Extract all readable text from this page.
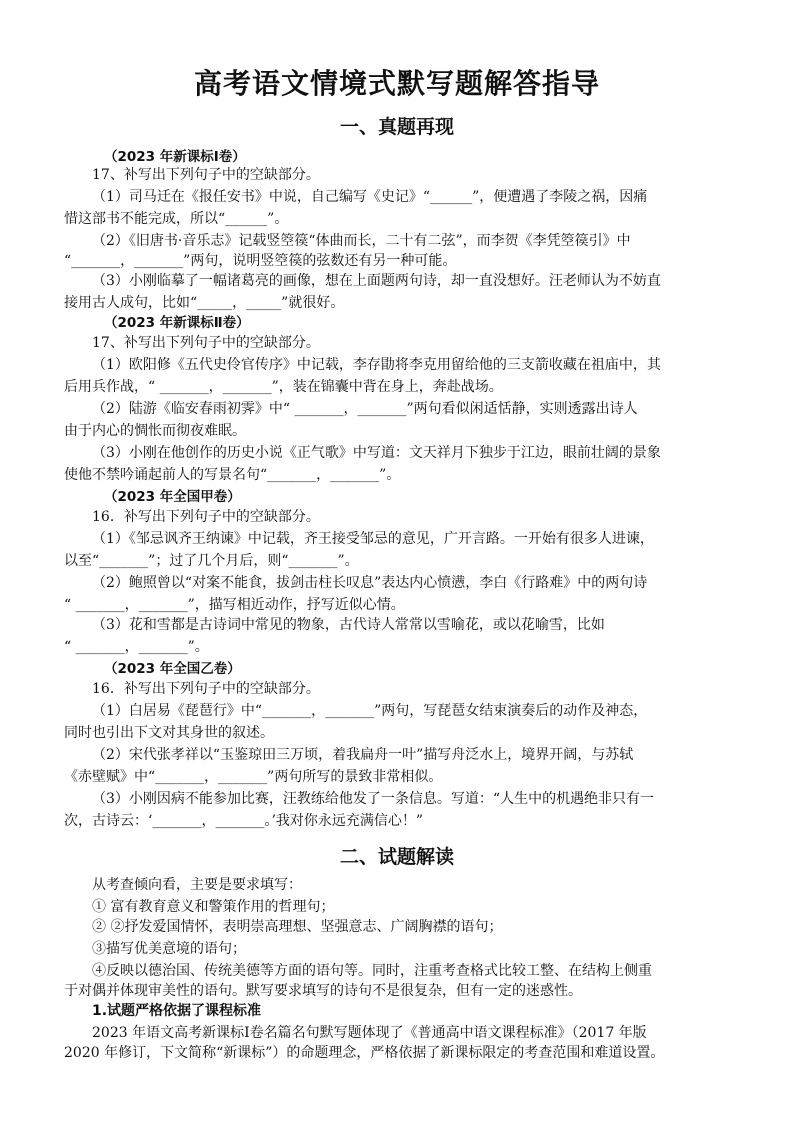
高考语文情境式默写题解答指导
一、真题再现
（2023 年新课标Ⅰ卷）
17、补写出下列句子中的空缺部分。
（1）司马迁在《报任安书》中说，自己编写《史记》“______”，便遭遇了李陵之祸，因痛
惜这部书不能完成，所以“______”。
（2）《旧唐书·音乐志》记载竖箜篌“体曲而长，二十有二弦”，而李贺《李凭箜篌引》中
“_______，_______”两句，说明竖箜篌的弦数还有另一种可能。
（3）小刚临摹了一幅诸葛亮的画像，想在上面题两句诗，却一直没想好。汪老师认为不妨直
接用古人成句，比如“_____，_____”就很好。
（2023 年新课标Ⅱ卷）
17、补写出下列句子中的空缺部分。
（1）欧阳修《五代史伶官传序》中记载，李存勖将李克用留给他的三支箭收藏在祖庙中，其
后用兵作战，“ _______，_______”，装在锦囊中背在身上，奔赴战场。
（2）陆游《临安春雨初霁》中“ _______，_______”两句看似闲适恬静，实则透露出诗人
由于内心的惆怅而彻夜难眠。
（3）小刚在他创作的历史小说《正气歌》中写道：文天祥月下独步于江边，眼前壮阔的景象
使他不禁吟诵起前人的写景名句“_______，_______”。
（2023 年全国甲卷）
16．补写出下列句子中的空缺部分。
（1）《邹忌讽齐王纳谏》中记载，齐王接受邹忌的意见，广开言路。一开始有很多人进谏，
以至“_______”；过了几个月后，则“_______”。
（2）鲍照曾以“对案不能食，拔剑击柱长叹息”表达内心愤懑，李白《行路难》中的两句诗
“ _______，_______”，描写相近动作，抒写近似心情。
（3）花和雪都是古诗词中常见的物象，古代诗人常常以雪喻花，或以花喻雪，比如
“ _______，_______”。
（2023 年全国乙卷）
16．补写出下列句子中的空缺部分。
（1）白居易《琵琶行》中“_______，_______”两句，写琵琶女结束演奏后的动作及神态，
同时也引出下文对其身世的叙述。
（2）宋代张孝祥以“玉鉴琼田三万顷，着我扁舟一叶”描写舟泛水上，境界开阔，与苏轼
《赤壁赋》中“_______，_______”两句所写的景致非常相似。
（3）小刚因病不能参加比赛，汪教练给他发了一条信息。写道：“人生中的机遇绝非只有一
次，古诗云：‘_______，_______。’我对你永远充满信心！”
二、试题解读
从考查倾向看，主要是要求填写：
① 富有教育意义和警策作用的哲理句；
② ②抒发爱国情怀，表明崇高理想、坚强意志、广阔胸襟的语句；
③描写优美意境的语句；
④反映以德治国、传统美德等方面的语句等。同时，注重考查格式比较工整、在结构上侧重
于对偶并体现审美性的语句。默写要求填写的诗句不是很复杂，但有一定的迷惑性。
1.试题严格依据了课程标准
2023 年语文高考新课标Ⅰ卷名篇名句默写题体现了《普通高中语文课程标准》（2017 年版
2020 年修订，下文简称“新课标”）的命题理念，严格依据了新课标限定的考查范围和难道设置。
